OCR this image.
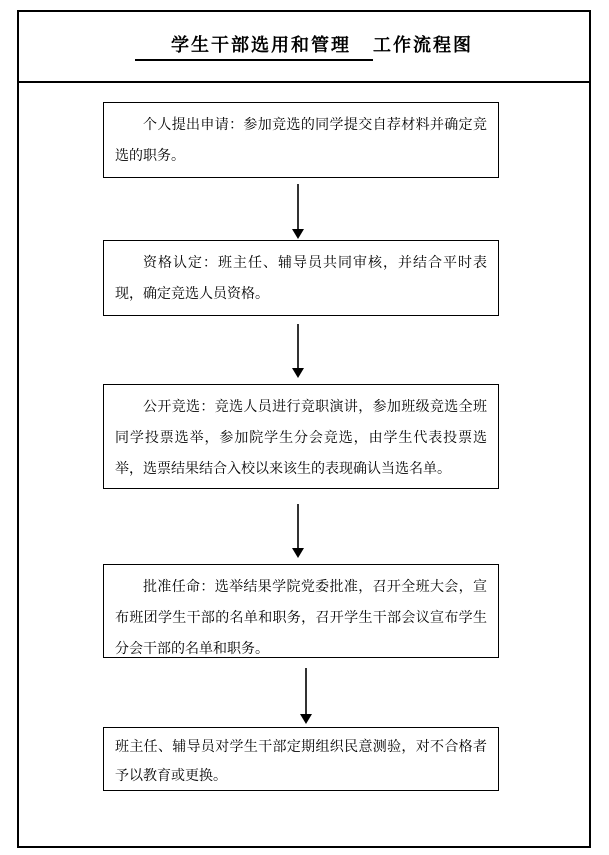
学生干部选用和管理 工作流程图
个人提出申请：参加竞选的同学提交自荐材料并确定竞选的职务。
资格认定：班主任、辅导员共同审核，并结合平时表现，确定竞选人员资格。
公开竞选：竞选人员进行竞职演讲，参加班级竞选全班同学投票选举，参加院学生分会竞选，由学生代表投票选举，选票结果结合入校以来该生的表现确认当选名单。
批准任命：选举结果学院党委批准，召开全班大会，宣布班团学生干部的名单和职务，召开学生干部会议宣布学生分会干部的名单和职务。
班主任、辅导员对学生干部定期组织民意测验，对不合格者予以教育或更换。
